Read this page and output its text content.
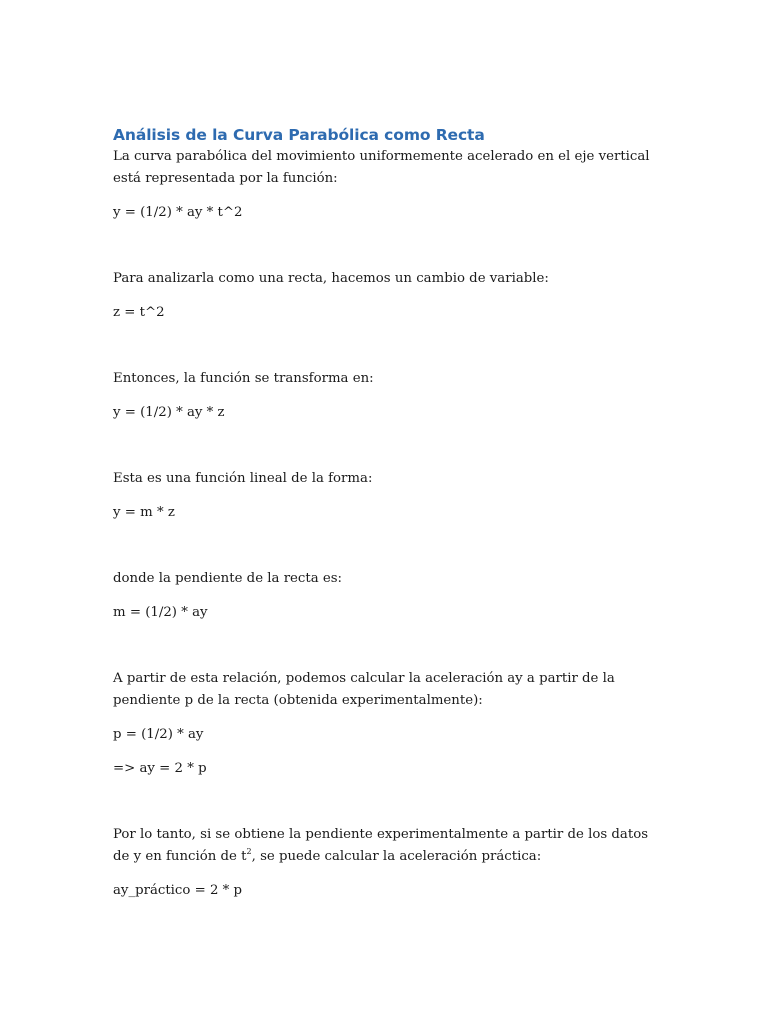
Análisis de la Curva Parabólica como Recta

La curva parabólica del movimiento uniformemente acelerado en el eje vertical está representada por la función:

y = (1/2) * ay * t^2

Para analizarla como una recta, hacemos un cambio de variable:

z = t^2

Entonces, la función se transforma en:

y = (1/2) * ay * z

Esta es una función lineal de la forma:

y = m * z

donde la pendiente de la recta es:

m = (1/2) * ay

A partir de esta relación, podemos calcular la aceleración ay a partir de la pendiente p de la recta (obtenida experimentalmente):

p = (1/2) * ay

=> ay = 2 * p

Por lo tanto, si se obtiene la pendiente experimentalmente a partir de los datos de y en función de $t^2$, se puede calcular la aceleración práctica:

ay_práctico = 2 * p
